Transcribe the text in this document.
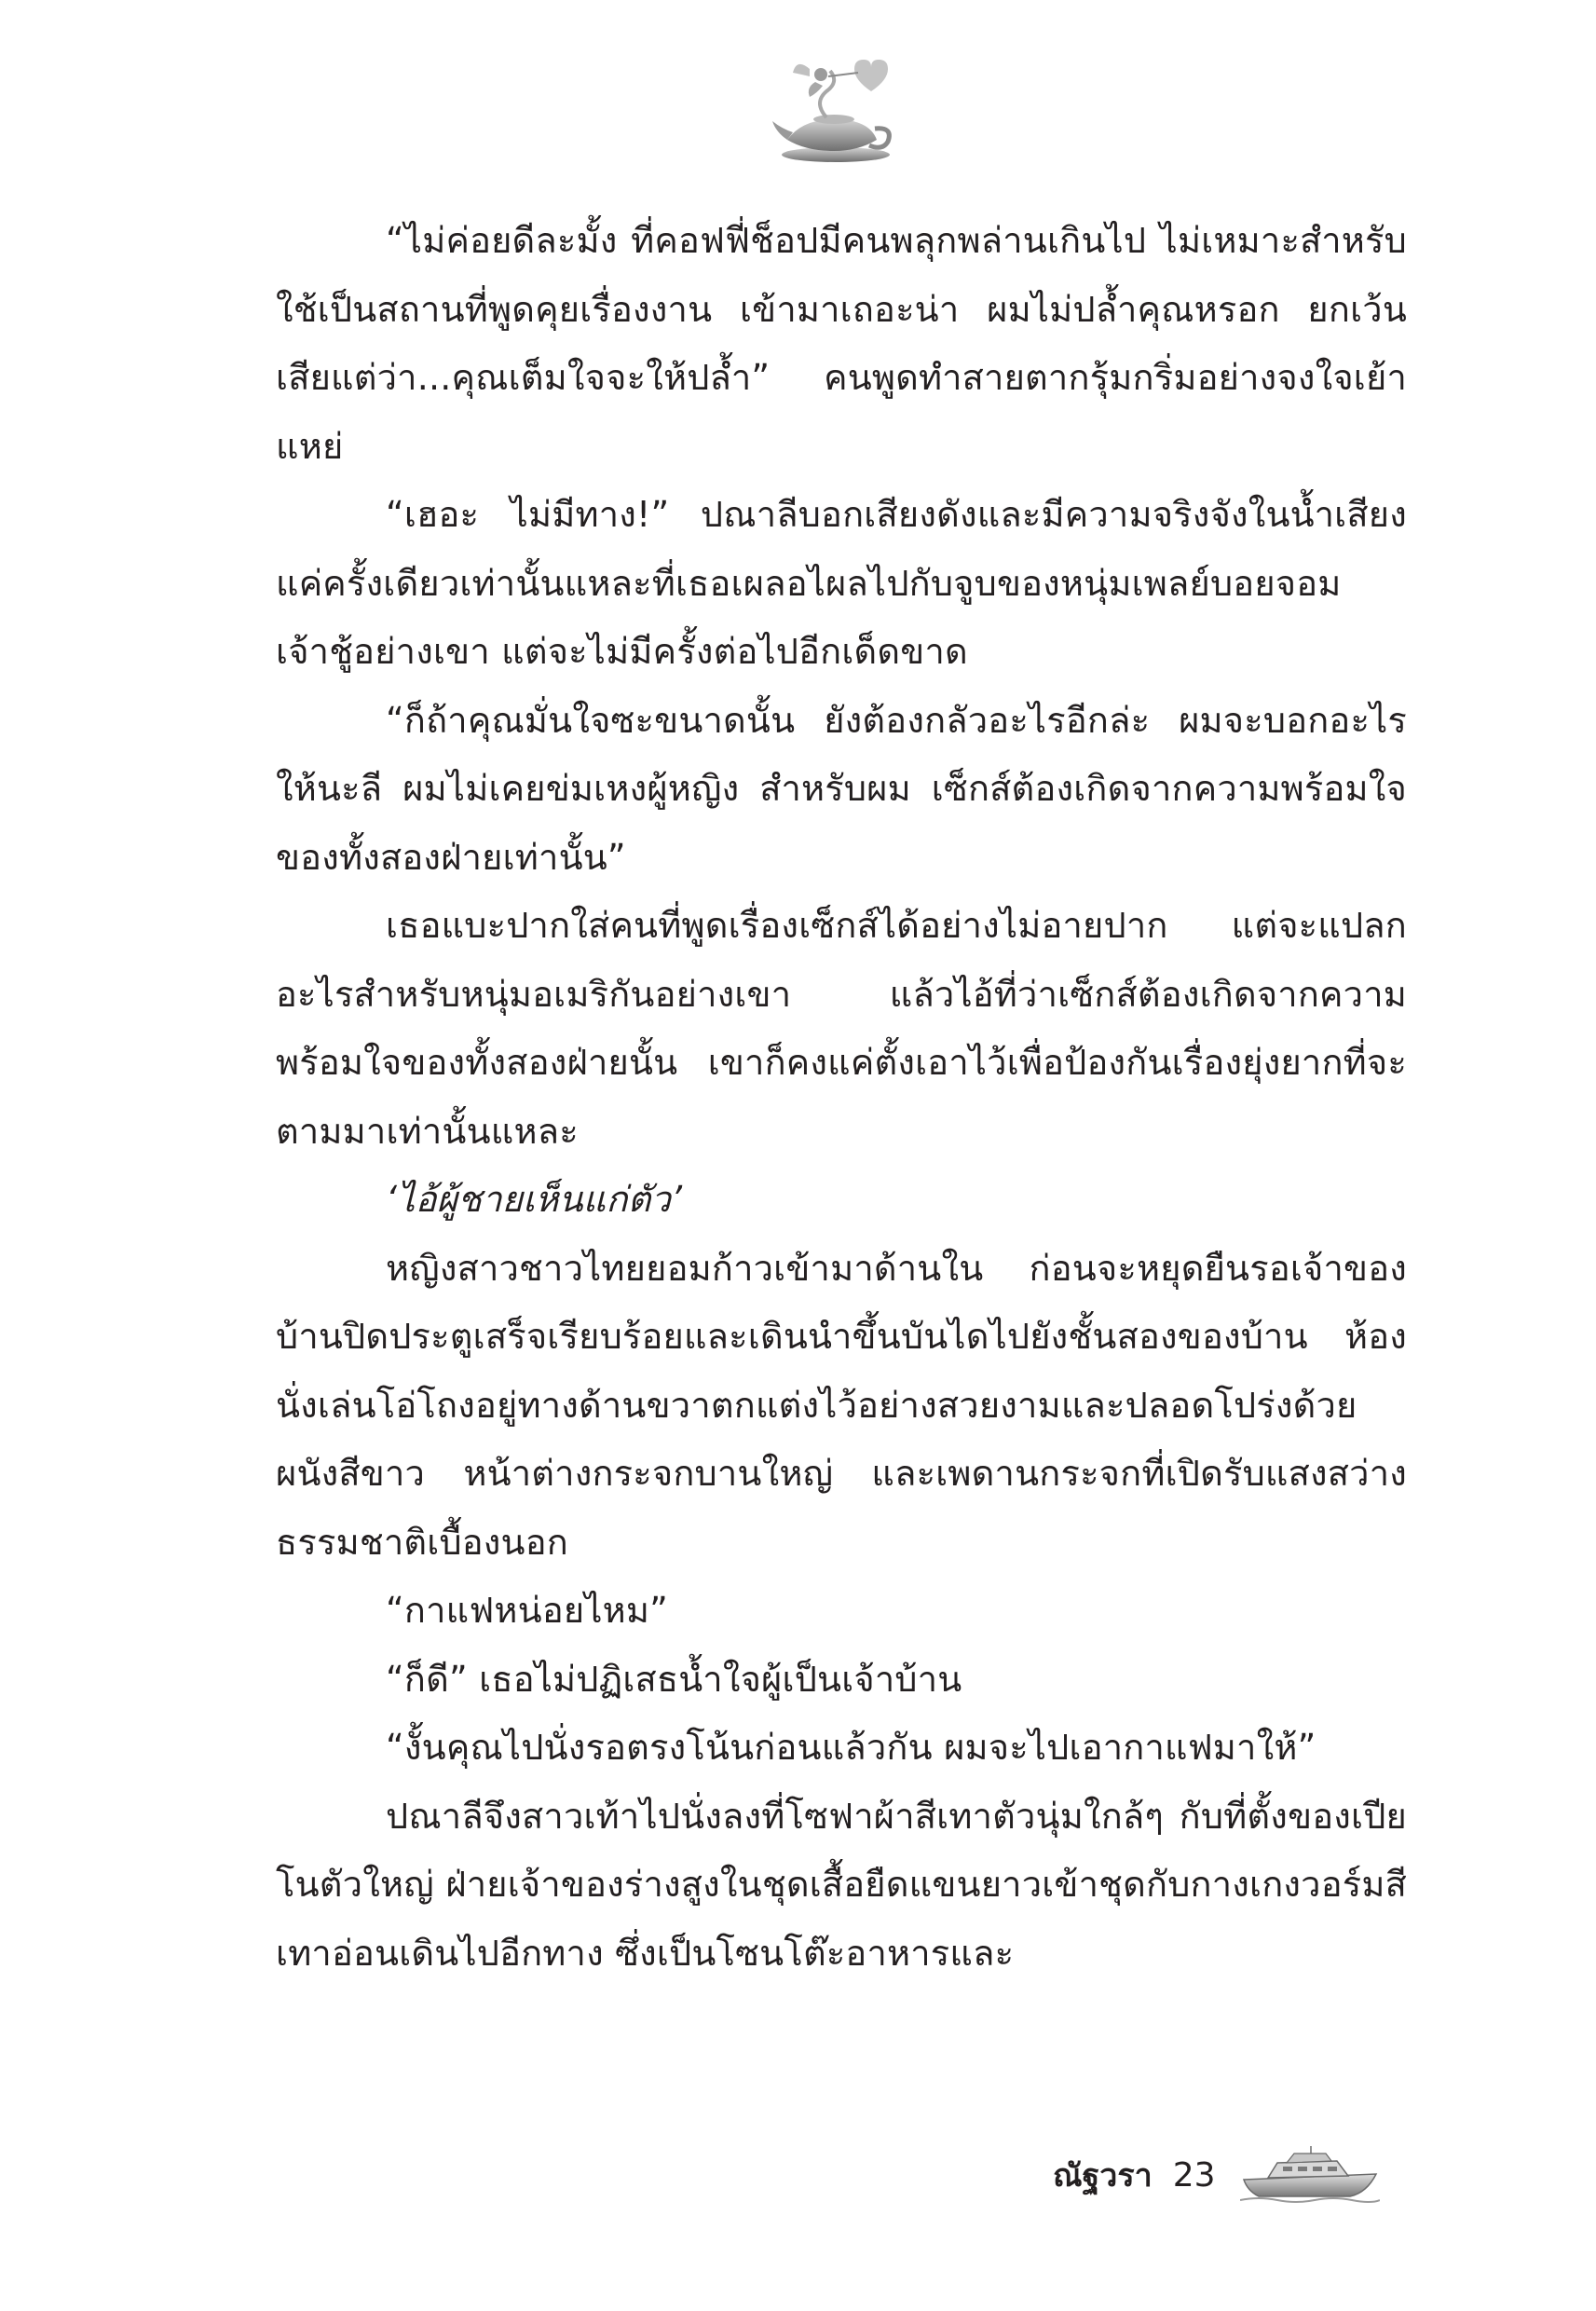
“ไม่ค่อยดีละมั้ง ที่คอฟฟี่ช็อปมีคนพลุกพล่านเกินไป ไม่เหมาะสำหรับใช้เป็นสถานที่พูดคุยเรื่องงาน เข้ามาเถอะน่า ผมไม่ปล้ำคุณหรอก ยกเว้นเสียแต่ว่า...คุณเต็มใจจะให้ปล้ำ” คนพูดทำสายตากรุ้มกริ่มอย่างจงใจเย้าแหย่

“เฮอะ ไม่มีทาง!” ปณาลีบอกเสียงดังและมีความจริงจังในน้ำเสียง แค่ครั้งเดียวเท่านั้นแหละที่เธอเผลอไผลไปกับจูบของหนุ่มเพลย์บอยจอมเจ้าชู้อย่างเขา แต่จะไม่มีครั้งต่อไปอีกเด็ดขาด

“ก็ถ้าคุณมั่นใจซะขนาดนั้น ยังต้องกลัวอะไรอีกล่ะ ผมจะบอกอะไรให้นะลี ผมไม่เคยข่มเหงผู้หญิง สำหรับผม เซ็กส์ต้องเกิดจากความพร้อมใจของทั้งสองฝ่ายเท่านั้น”

เธอแบะปากใส่คนที่พูดเรื่องเซ็กส์ได้อย่างไม่อายปาก แต่จะแปลกอะไรสำหรับหนุ่มอเมริกันอย่างเขา แล้วไอ้ที่ว่าเซ็กส์ต้องเกิดจากความพร้อมใจของทั้งสองฝ่ายนั้น เขาก็คงแค่ตั้งเอาไว้เพื่อป้องกันเรื่องยุ่งยากที่จะตามมาเท่านั้นแหละ

‘ไอ้ผู้ชายเห็นแก่ตัว’

หญิงสาวชาวไทยยอมก้าวเข้ามาด้านใน ก่อนจะหยุดยืนรอเจ้าของบ้านปิดประตูเสร็จเรียบร้อยและเดินนำขึ้นบันไดไปยังชั้นสองของบ้าน ห้องนั่งเล่นโอ่โถงอยู่ทางด้านขวาตกแต่งไว้อย่างสวยงามและปลอดโปร่งด้วยผนังสีขาว หน้าต่างกระจกบานใหญ่ และเพดานกระจกที่เปิดรับแสงสว่างธรรมชาติเบื้องนอก

“กาแฟหน่อยไหม”

“ก็ดี” เธอไม่ปฏิเสธน้ำใจผู้เป็นเจ้าบ้าน

“งั้นคุณไปนั่งรอตรงโน้นก่อนแล้วกัน ผมจะไปเอากาแฟมาให้”

ปณาลีจึงสาวเท้าไปนั่งลงที่โซฟาผ้าสีเทาตัวนุ่มใกล้ๆ กับที่ตั้งของเปียโนตัวใหญ่ ฝ่ายเจ้าของร่างสูงในชุดเสื้อยืดแขนยาวเข้าชุดกับกางเกงวอร์มสีเทาอ่อนเดินไปอีกทาง ซึ่งเป็นโซนโต๊ะอาหารและ

ณัฐวรา 23
